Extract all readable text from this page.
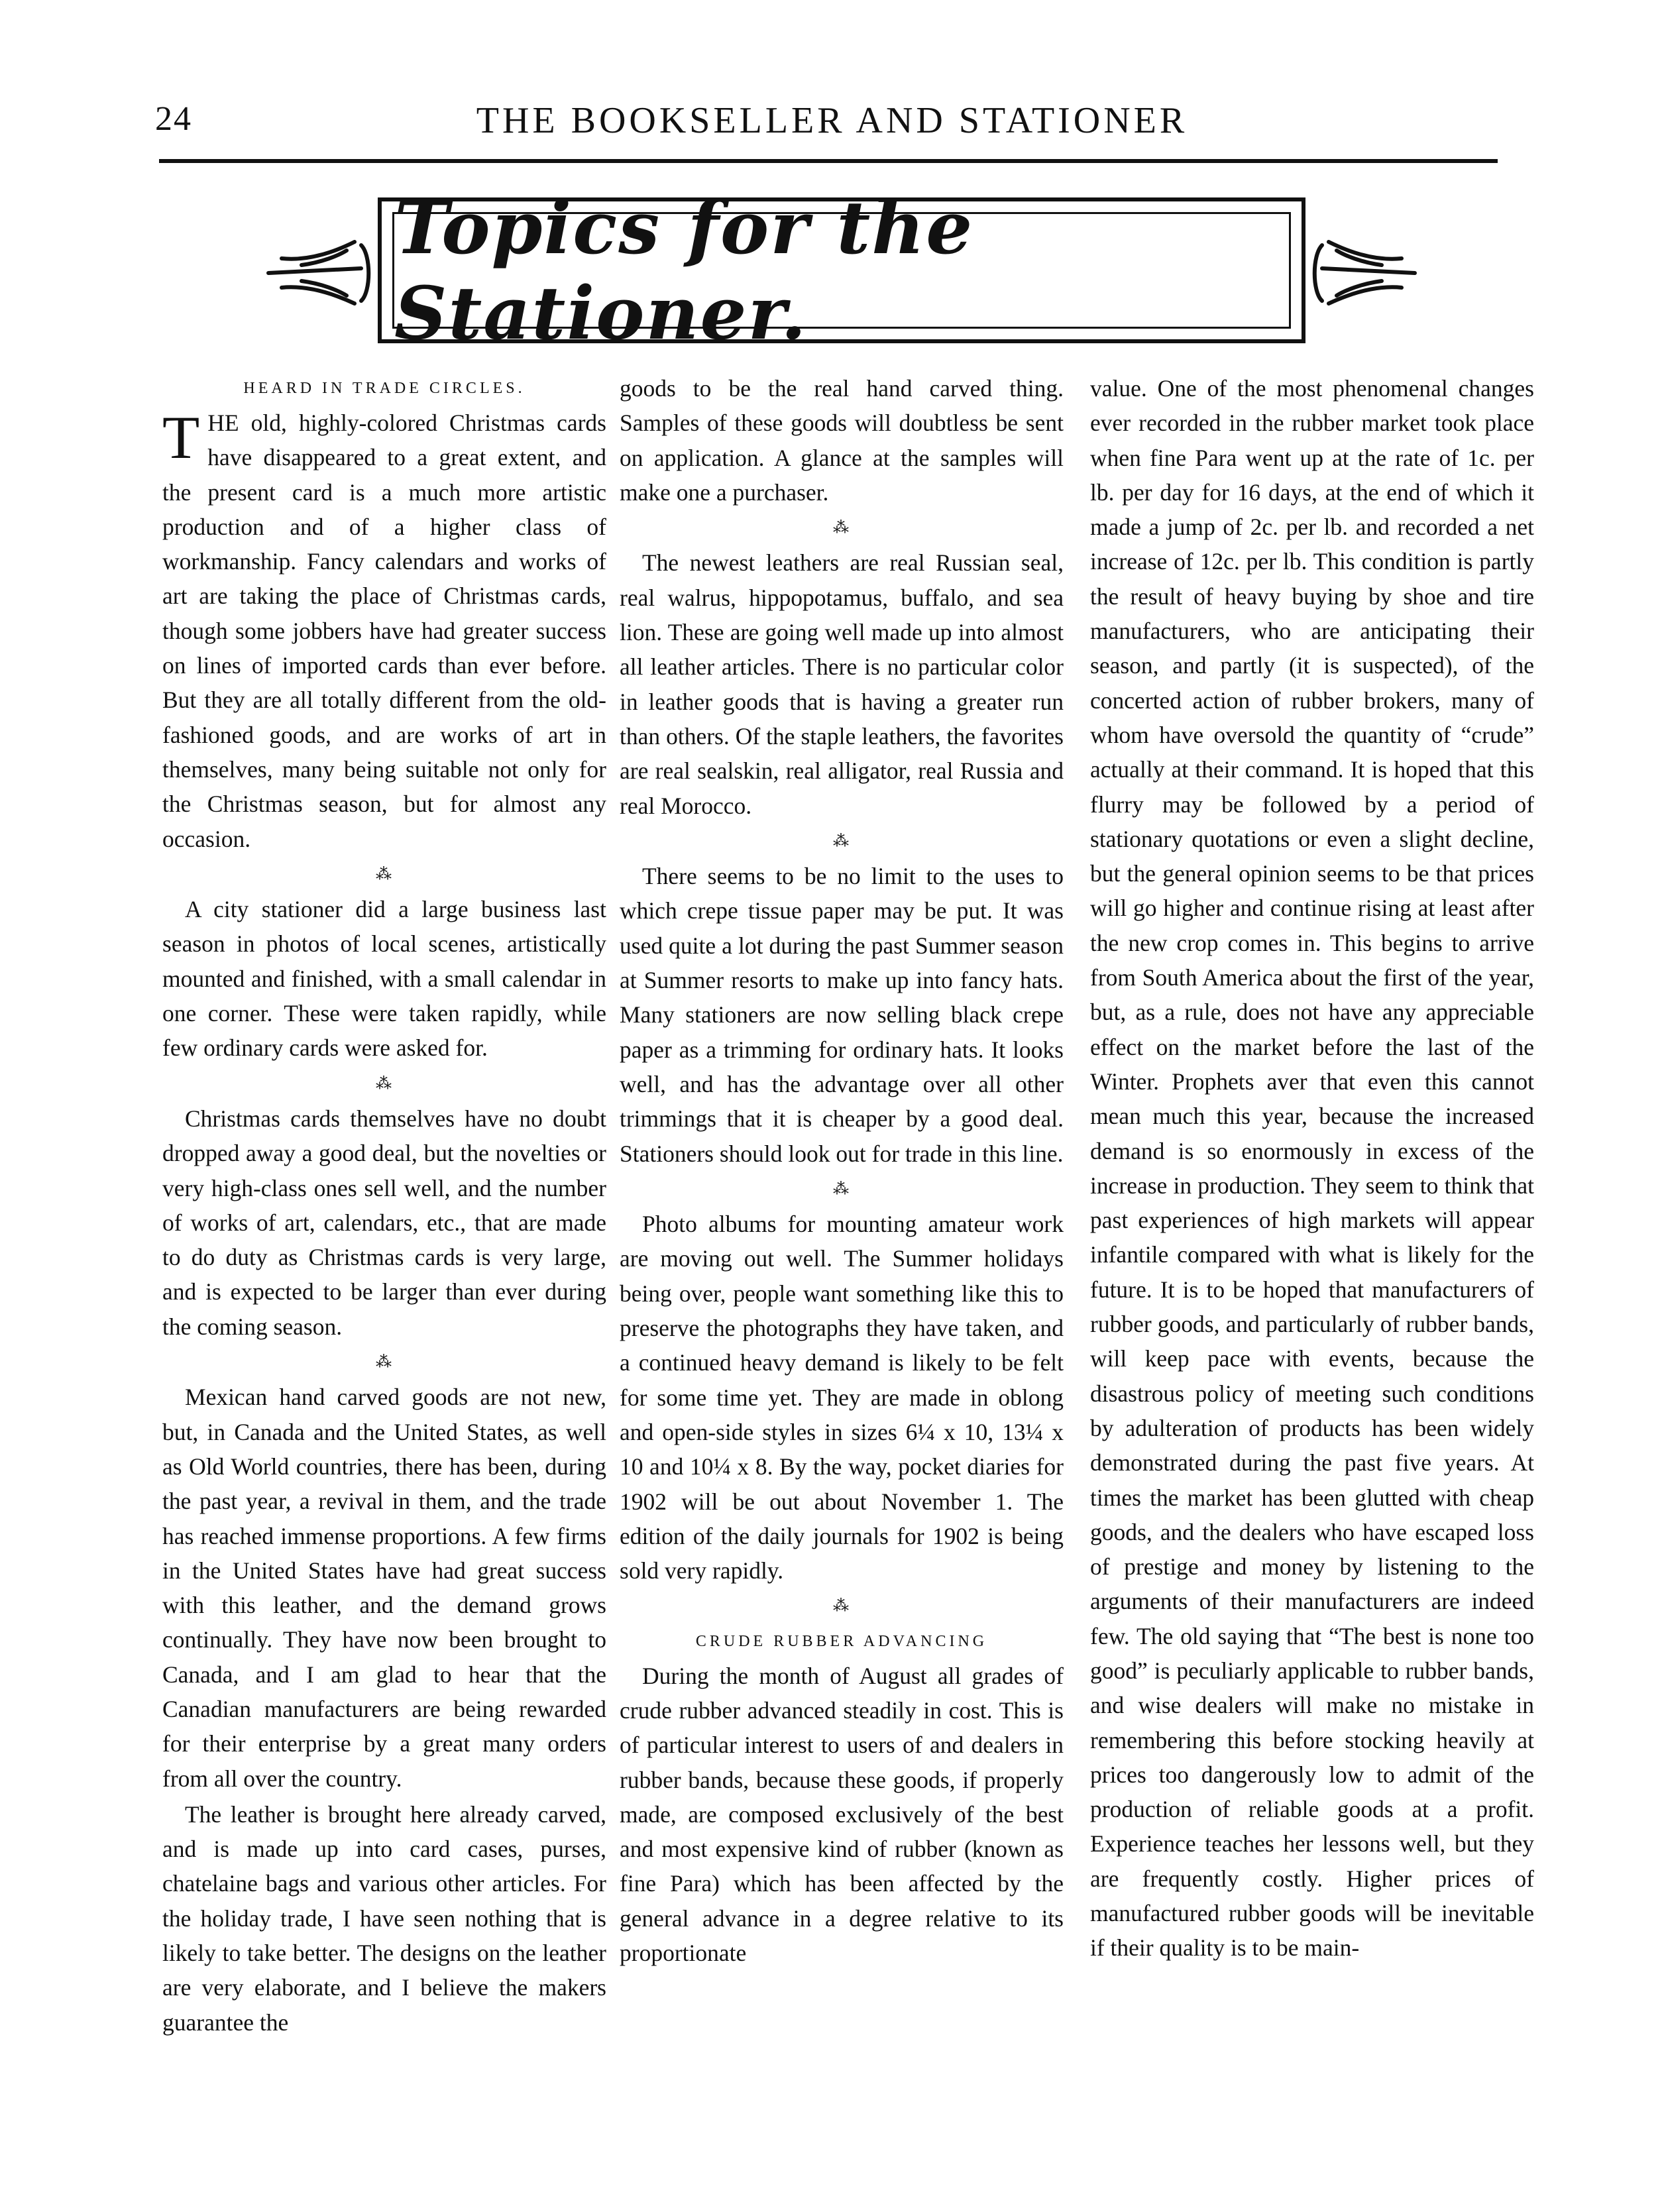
24	THE BOOKSELLER AND STATIONER
Topics for the Stationer.
HEARD IN TRADE CIRCLES.

THE old, highly-colored Christmas cards have disappeared to a great extent, and the present card is a much more artistic production and of a higher class of workmanship. Fancy calendars and works of art are taking the place of Christmas cards, though some jobbers have had greater success on lines of imported cards than ever before. But they are all totally different from the old-fashioned goods, and are works of art in themselves, many being suitable not only for the Christmas season, but for almost any occasion.

⁂

A city stationer did a large business last season in photos of local scenes, artistically mounted and finished, with a small calendar in one corner. These were taken rapidly, while few ordinary cards were asked for.

⁂

Christmas cards themselves have no doubt dropped away a good deal, but the novelties or very high-class ones sell well, and the number of works of art, calendars, etc., that are made to do duty as Christmas cards is very large, and is expected to be larger than ever during the coming season.

⁂

Mexican hand carved goods are not new, but, in Canada and the United States, as well as Old World countries, there has been, during the past year, a revival in them, and the trade has reached immense proportions. A few firms in the United States have had great success with this leather, and the demand grows continually. They have now been brought to Canada, and I am glad to hear that the Canadian manufacturers are being rewarded for their enterprise by a great many orders from all over the country.

The leather is brought here already carved, and is made up into card cases, purses, chatelaine bags and various other articles. For the holiday trade, I have seen nothing that is likely to take better. The designs on the leather are very elaborate, and I believe the makers guarantee the

goods to be the real hand carved thing. Samples of these goods will doubtless be sent on application. A glance at the samples will make one a purchaser.

⁂

The newest leathers are real Russian seal, real walrus, hippopotamus, buffalo, and sea lion. These are going well made up into almost all leather articles. There is no particular color in leather goods that is having a greater run than others. Of the staple leathers, the favorites are real sealskin, real alligator, real Russia and real Morocco.

⁂

There seems to be no limit to the uses to which crepe tissue paper may be put. It was used quite a lot during the past Summer season at Summer resorts to make up into fancy hats. Many stationers are now selling black crepe paper as a trimming for ordinary hats. It looks well, and has the advantage over all other trimmings that it is cheaper by a good deal. Stationers should look out for trade in this line.

⁂

Photo albums for mounting amateur work are moving out well. The Summer holidays being over, people want something like this to preserve the photographs they have taken, and a continued heavy demand is likely to be felt for some time yet. They are made in oblong and open-side styles in sizes 6¼ x 10, 13¼ x 10 and 10¼ x 8. By the way, pocket diaries for 1902 will be out about November 1. The edition of the daily journals for 1902 is being sold very rapidly.

⁂
CRUDE RUBBER ADVANCING

During the month of August all grades of crude rubber advanced steadily in cost. This is of particular interest to users of and dealers in rubber bands, because these goods, if properly made, are composed exclusively of the best and most expensive kind of rubber (known as fine Para) which has been affected by the general advance in a degree relative to its proportionate

value. One of the most phenomenal changes ever recorded in the rubber market took place when fine Para went up at the rate of 1c. per lb. per day for 16 days, at the end of which it made a jump of 2c. per lb. and recorded a net increase of 12c. per lb. This condition is partly the result of heavy buying by shoe and tire manufacturers, who are anticipating their season, and partly (it is suspected), of the concerted action of rubber brokers, many of whom have oversold the quantity of “crude” actually at their command. It is hoped that this flurry may be followed by a period of stationary quotations or even a slight decline, but the general opinion seems to be that prices will go higher and continue rising at least after the new crop comes in. This begins to arrive from South America about the first of the year, but, as a rule, does not have any appreciable effect on the market before the last of the Winter. Prophets aver that even this cannot mean much this year, because the increased demand is so enormously in excess of the increase in production. They seem to think that past experiences of high markets will appear infantile compared with what is likely for the future. It is to be hoped that manufacturers of rubber goods, and particularly of rubber bands, will keep pace with events, because the disastrous policy of meeting such conditions by adulteration of products has been widely demonstrated during the past five years. At times the market has been glutted with cheap goods, and the dealers who have escaped loss of prestige and money by listening to the arguments of their manufacturers are indeed few. The old saying that “The best is none too good” is peculiarly applicable to rubber bands, and wise dealers will make no mistake in remembering this before stocking heavily at prices too dangerously low to admit of the production of reliable goods at a profit. Experience teaches her lessons well, but they are frequently costly. Higher prices of manufactured rubber goods will be inevitable if their quality is to be main-
